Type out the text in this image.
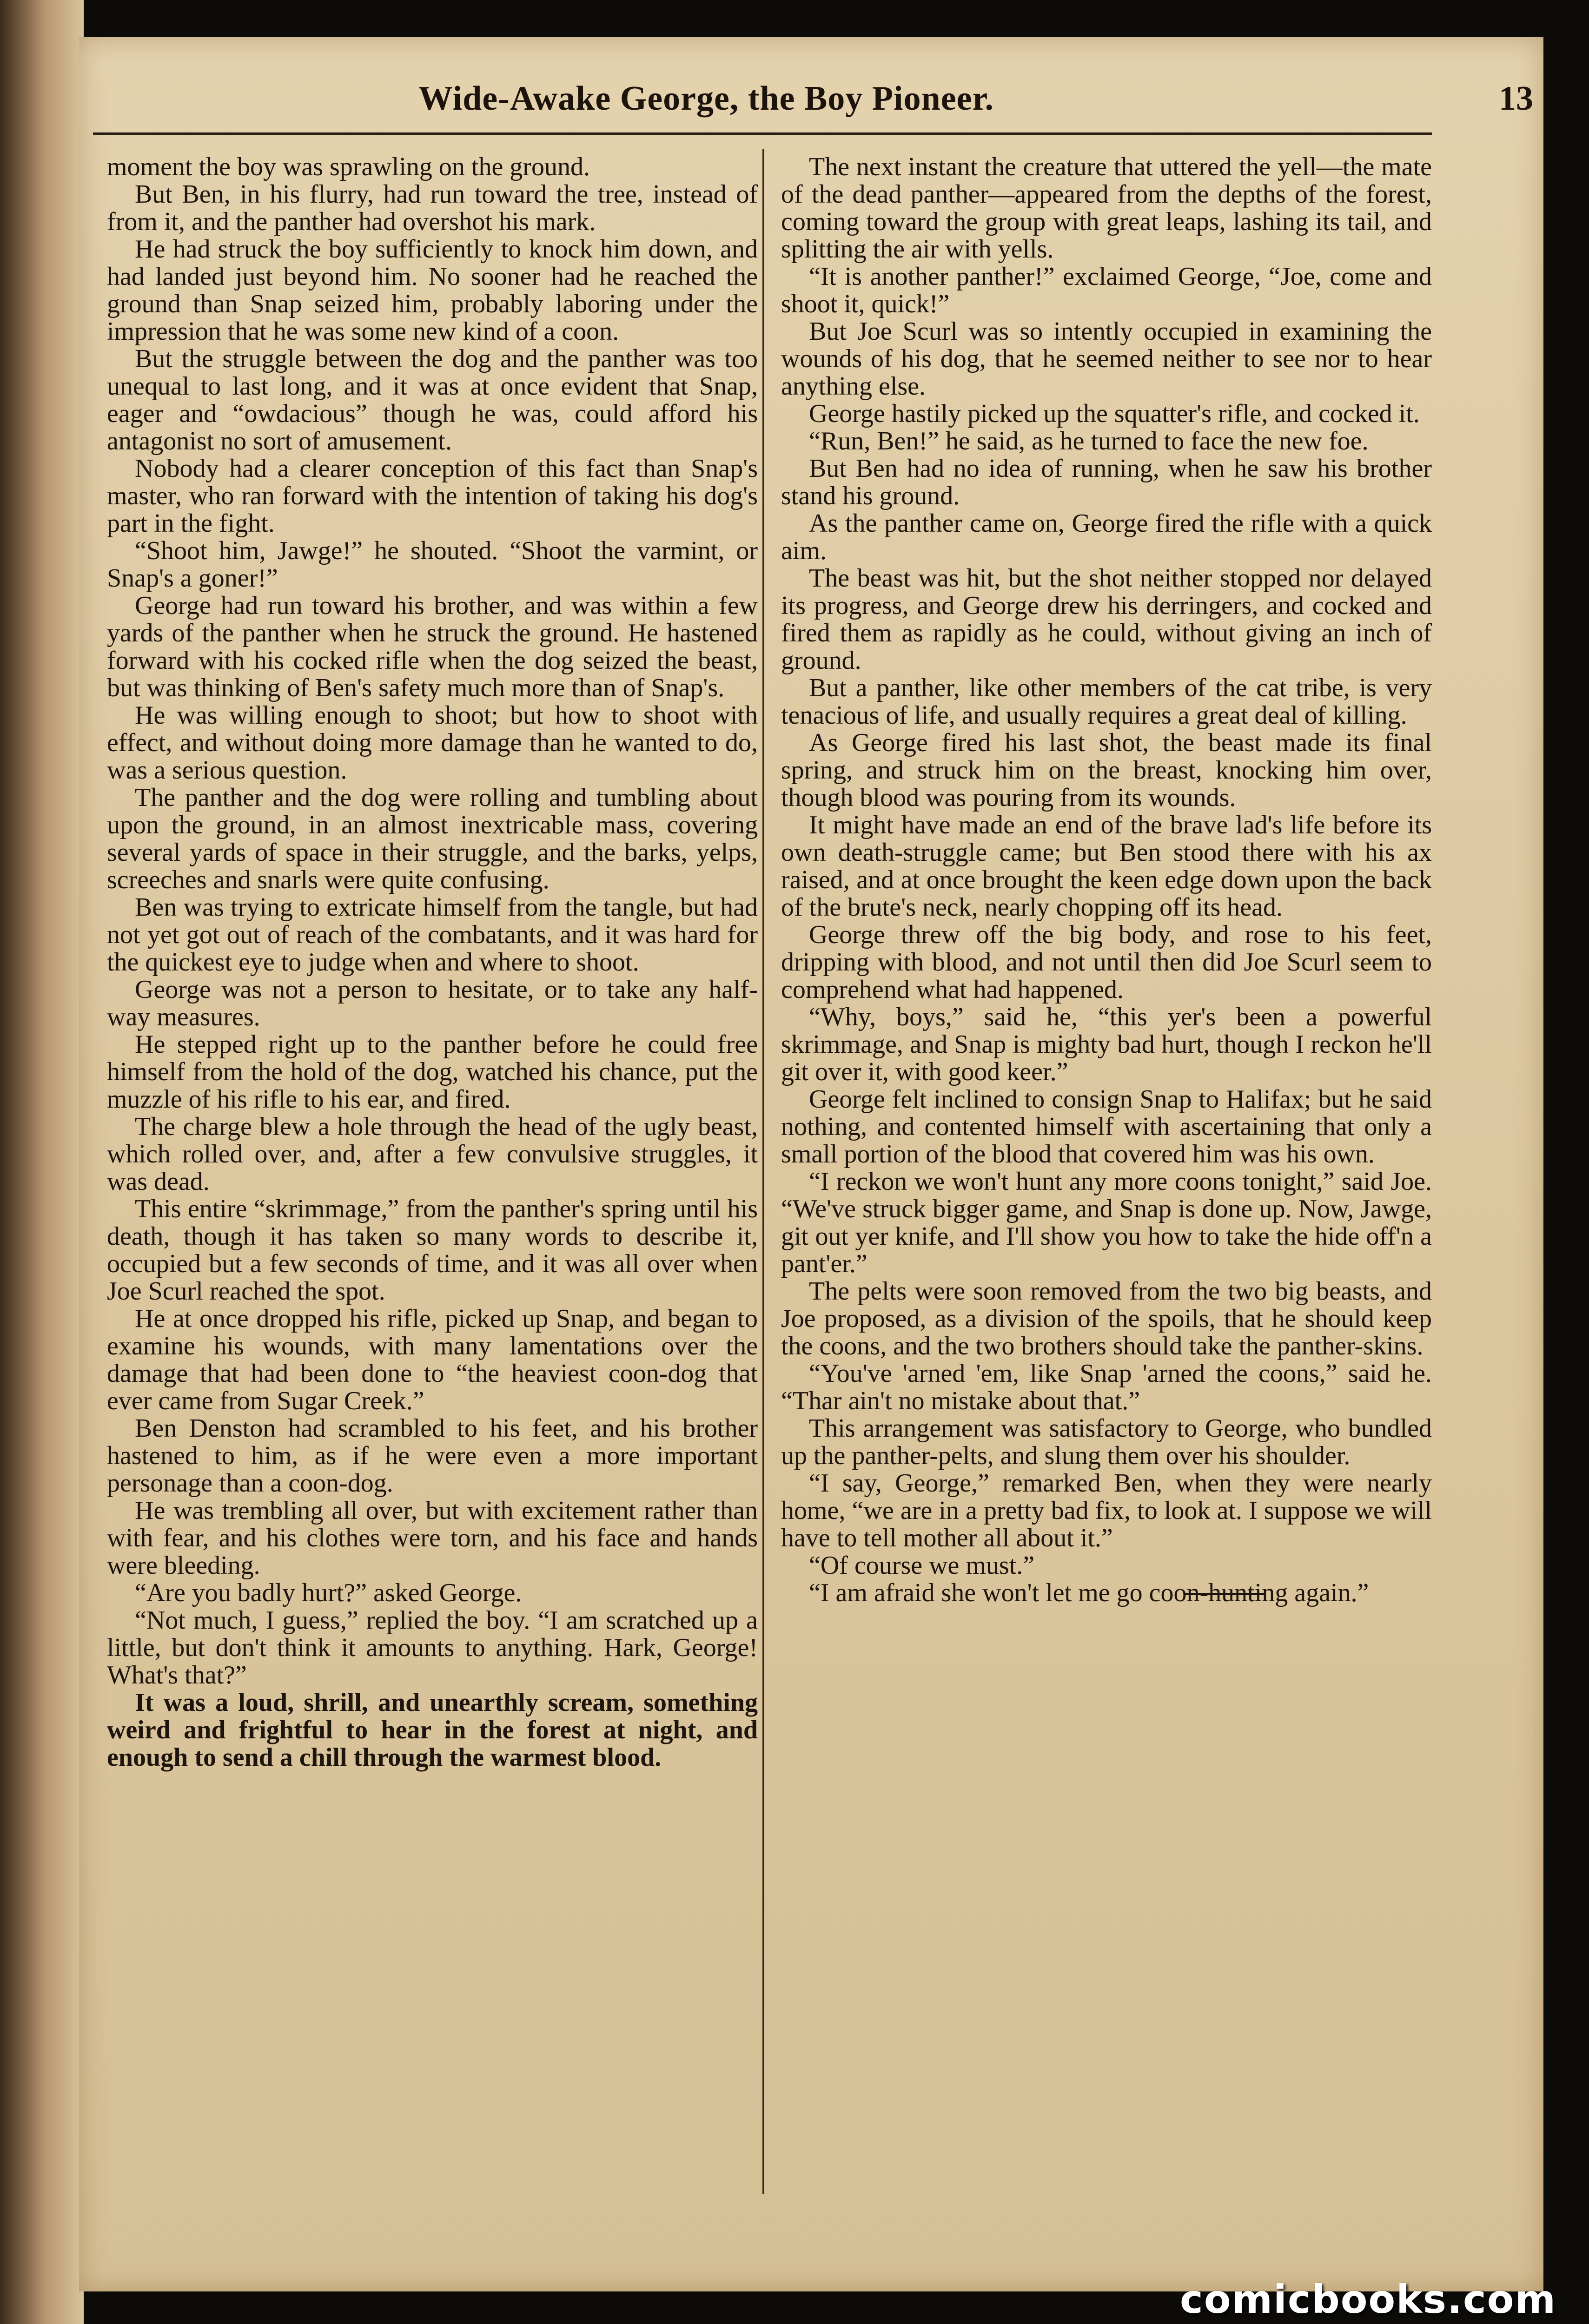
Wide-Awake George, the Boy Pioneer.	13

moment the boy was sprawling on the ground.

But Ben, in his flurry, had run toward the tree, instead of from it, and the panther had overshot his mark.

He had struck the boy sufficiently to knock him down, and had landed just beyond him. No sooner had he reached the ground than Snap seized him, probably laboring under the impression that he was some new kind of a coon.

But the struggle between the dog and the panther was too unequal to last long, and it was at once evident that Snap, eager and “owdacious” though he was, could afford his antagonist no sort of amusement.

Nobody had a clearer conception of this fact than Snap's master, who ran forward with the intention of taking his dog's part in the fight.

“Shoot him, Jawge!” he shouted. “Shoot the varmint, or Snap's a goner!”

George had run toward his brother, and was within a few yards of the panther when he struck the ground. He hastened forward with his cocked rifle when the dog seized the beast, but was thinking of Ben's safety much more than of Snap's.

He was willing enough to shoot; but how to shoot with effect, and without doing more damage than he wanted to do, was a serious question.

The panther and the dog were rolling and tumbling about upon the ground, in an almost inextricable mass, covering several yards of space in their struggle, and the barks, yelps, screeches and snarls were quite confusing.

Ben was trying to extricate himself from the tangle, but had not yet got out of reach of the combatants, and it was hard for the quickest eye to judge when and where to shoot.

George was not a person to hesitate, or to take any half-way measures.

He stepped right up to the panther before he could free himself from the hold of the dog, watched his chance, put the muzzle of his rifle to his ear, and fired.

The charge blew a hole through the head of the ugly beast, which rolled over, and, after a few convulsive struggles, it was dead.

This entire “skrimmage,” from the panther's spring until his death, though it has taken so many words to describe it, occupied but a few seconds of time, and it was all over when Joe Scurl reached the spot.

He at once dropped his rifle, picked up Snap, and began to examine his wounds, with many lamentations over the damage that had been done to “the heaviest coon-dog that ever came from Sugar Creek.”

Ben Denston had scrambled to his feet, and his brother hastened to him, as if he were even a more important personage than a coon-dog.

He was trembling all over, but with excitement rather than with fear, and his clothes were torn, and his face and hands were bleeding.

“Are you badly hurt?” asked George.

“Not much, I guess,” replied the boy. “I am scratched up a little, but don't think it amounts to anything. Hark, George! What's that?”

It was a loud, shrill, and unearthly scream, something weird and frightful to hear in the forest at night, and enough to send a chill through the warmest blood.

The next instant the creature that uttered the yell—the mate of the dead panther—appeared from the depths of the forest, coming toward the group with great leaps, lashing its tail, and splitting the air with yells.

“It is another panther!” exclaimed George, “Joe, come and shoot it, quick!”

But Joe Scurl was so intently occupied in examining the wounds of his dog, that he seemed neither to see nor to hear anything else.

George hastily picked up the squatter's rifle, and cocked it.

“Run, Ben!” he said, as he turned to face the new foe.

But Ben had no idea of running, when he saw his brother stand his ground.

As the panther came on, George fired the rifle with a quick aim.

The beast was hit, but the shot neither stopped nor delayed its progress, and George drew his derringers, and cocked and fired them as rapidly as he could, without giving an inch of ground.

But a panther, like other members of the cat tribe, is very tenacious of life, and usually requires a great deal of killing.

As George fired his last shot, the beast made its final spring, and struck him on the breast, knocking him over, though blood was pouring from its wounds.

It might have made an end of the brave lad's life before its own death-struggle came; but Ben stood there with his ax raised, and at once brought the keen edge down upon the back of the brute's neck, nearly chopping off its head.

George threw off the big body, and rose to his feet, dripping with blood, and not until then did Joe Scurl seem to comprehend what had happened.

“Why, boys,” said he, “this yer's been a powerful skrimmage, and Snap is mighty bad hurt, though I reckon he'll git over it, with good keer.”

George felt inclined to consign Snap to Halifax; but he said nothing, and contented himself with ascertaining that only a small portion of the blood that covered him was his own.

“I reckon we won't hunt any more coons tonight,” said Joe. “We've struck bigger game, and Snap is done up. Now, Jawge, git out yer knife, and I'll show you how to take the hide off'n a pant'er.”

The pelts were soon removed from the two big beasts, and Joe proposed, as a division of the spoils, that he should keep the coons, and the two brothers should take the panther-skins.

“You've 'arned 'em, like Snap 'arned the coons,” said he. “Thar ain't no mistake about that.”

This arrangement was satisfactory to George, who bundled up the panther-pelts, and slung them over his shoulder.

“I say, George,” remarked Ben, when they were nearly home, “we are in a pretty bad fix, to look at. I suppose we will have to tell mother all about it.”

“Of course we must.”

“I am afraid she won't let me go coon-hunting again.”

comicbooks.com
